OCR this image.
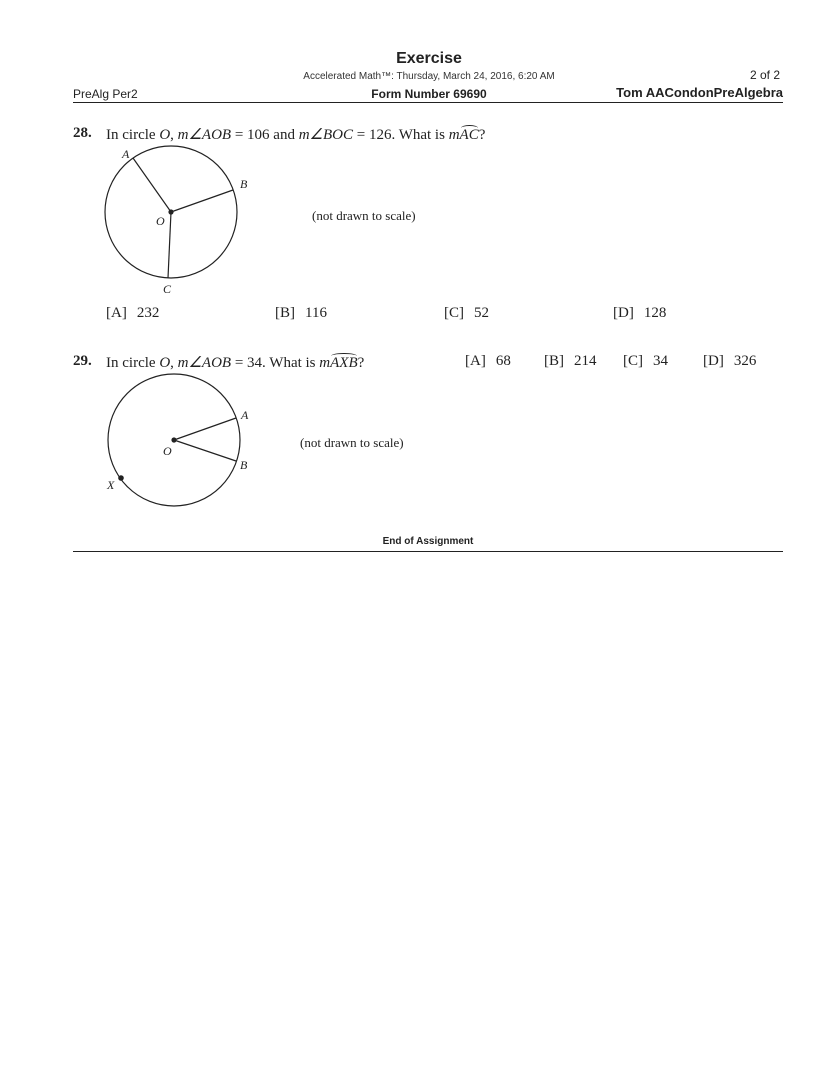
Exercise
Accelerated Math™: Thursday, March 24, 2016, 6:20 AM	2 of 2
PreAlg Per2	Form Number 69690	Tom AACondonPreAlgebra
28. In circle O, m∠AOB = 106 and m∠BOC = 126. What is mAC?
A
B
C
O	(not drawn to scale)
[A] 232	[B] 116	[C] 52	[D] 128
29. In circle O, m∠AOB = 34. What is mAXB?	[A] 68 [B] 214 [C] 34 [D] 326
A
B
X
O
(not drawn to scale)
End of Assignment
